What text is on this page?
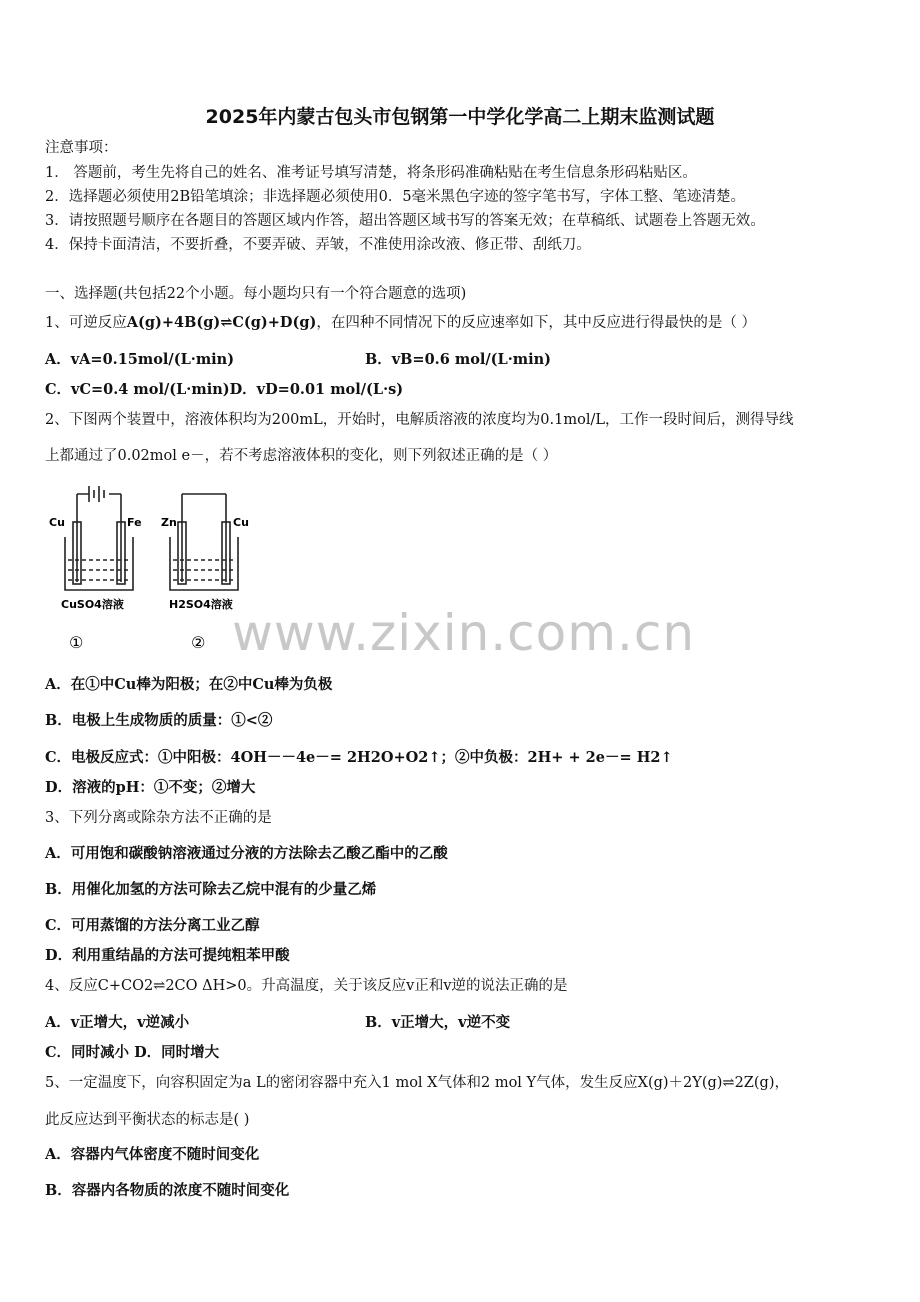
2025年内蒙古包头市包钢第一中学化学高二上期末监测试题
注意事项：
1． 答题前，考生先将自己的姓名、准考证号填写清楚，将条形码准确粘贴在考生信息条形码粘贴区。
2．选择题必须使用2B铅笔填涂；非选择题必须使用0．5毫米黑色字迹的签字笔书写，字体工整、笔迹清楚。
3．请按照题号顺序在各题目的答题区域内作答，超出答题区域书写的答案无效；在草稿纸、试题卷上答题无效。
4．保持卡面清洁，不要折叠，不要弄破、弄皱，不准使用涂改液、修正带、刮纸刀。
一、选择题(共包括22个小题。每小题均只有一个符合题意的选项)
1、可逆反应A(g)+4B(g)⇌C(g)+D(g)，在四种不同情况下的反应速率如下，其中反应进行得最快的是（ ）
A．vA=0.15mol/(L·min)	B．vB=0.6 mol/(L·min)
C．vC=0.4 mol/(L·min)D．vD=0.01 mol/(L·s)
2、下图两个装置中，溶液体积均为200mL，开始时，电解质溶液的浓度均为0.1mol/L，工作一段时间后，测得导线
上都通过了0.02mol e－，若不考虑溶液体积的变化，则下列叙述正确的是（ ）
Cu	Fe
CuSO4溶液
①
Zn	Cu
H2SO4溶液
② www.zixin.com.cn
A．在①中Cu棒为阳极；在②中Cu棒为负极
B．电极上生成物质的质量：①<②
C．电极反应式：①中阳极：4OH－－4e－= 2H2O+O2↑；②中负极：2H+ + 2e－= H2↑
D．溶液的pH：①不变；②增大
3、下列分离或除杂方法不正确的是
A．可用饱和碳酸钠溶液通过分液的方法除去乙酸乙酯中的乙酸
B．用催化加氢的方法可除去乙烷中混有的少量乙烯
C．可用蒸馏的方法分离工业乙醇
D．利用重结晶的方法可提纯粗苯甲酸
4、反应C+CO2⇌2CO ΔH>0。升高温度，关于该反应v正和v逆的说法正确的是
A．v正增大，v逆减小	B．v正增大，v逆不变
C．同时减小 D．同时增大
5、一定温度下，向容积固定为a L的密闭容器中充入1 mol X气体和2 mol Y气体，发生反应X(g)＋2Y(g)⇌2Z(g)，
此反应达到平衡状态的标志是( )
A．容器内气体密度不随时间变化
B．容器内各物质的浓度不随时间变化
